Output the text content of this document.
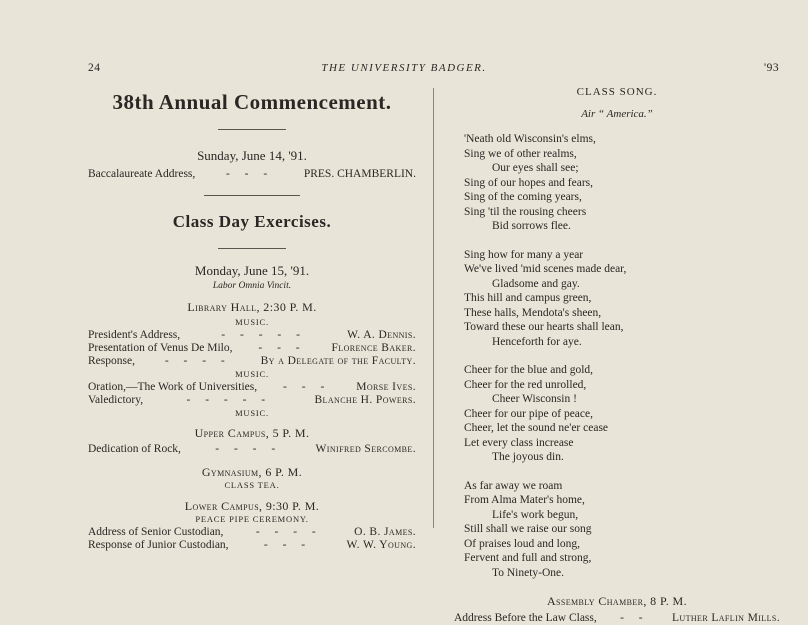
24	THE UNIVERSITY BADGER.	'93
38th Annual Commencement.
Sunday, June 14, '91.
Baccalaureate Address,	- - -	PRES. CHAMBERLIN.
Class Day Exercises.
Monday, June 15, '91.
Labor Omnia Vincit.
Library Hall, 2:30 P. M.
MUSIC.
President's Address,	- - - - -	W. A. Dennis.
Presentation of Venus De Milo, - - - Florence Baker.
Response,	- - - -	By a Delegate of the Faculty.
MUSIC.
Oration,—The Work of Universities, - - - Morse Ives.
Valedictory,	- - - - -	Blanche H. Powers.
MUSIC.
Upper Campus, 5 P. M.
Dedication of Rock,	- - - -	Winifred Sercombe.
Gymnasium, 6 P. M.
CLASS TEA.
Lower Campus, 9:30 P. M.
PEACE PIPE CEREMONY.
Address of Senior Custodian,	- - - -	O. B. James.
Response of Junior Custodian,	- - -	W. W. Young.
CLASS SONG.
Air “ America.”
'Neath old Wisconsin's elms,
Sing we of other realms,
Our eyes shall see;
Sing of our hopes and fears,
Sing of the coming years,
Sing 'til the rousing cheers
Bid sorrows flee.
Sing how for many a year
We've lived 'mid scenes made dear,
Gladsome and gay.
This hill and campus green,
These halls, Mendota's sheen,
Toward these our hearts shall lean,
Henceforth for aye.
Cheer for the blue and gold,
Cheer for the red unrolled,
Cheer Wisconsin !
Cheer for our pipe of peace,
Cheer, let the sound ne'er cease
Let every class increase
The joyous din.
As far away we roam
From Alma Mater's home,
Life's work begun,
Still shall we raise our song
Of praises loud and long,
Fervent and full and strong,
To Ninety-One.
Assembly Chamber, 8 P. M.
Address Before the Law Class, - - Luther Laflin Mills.
